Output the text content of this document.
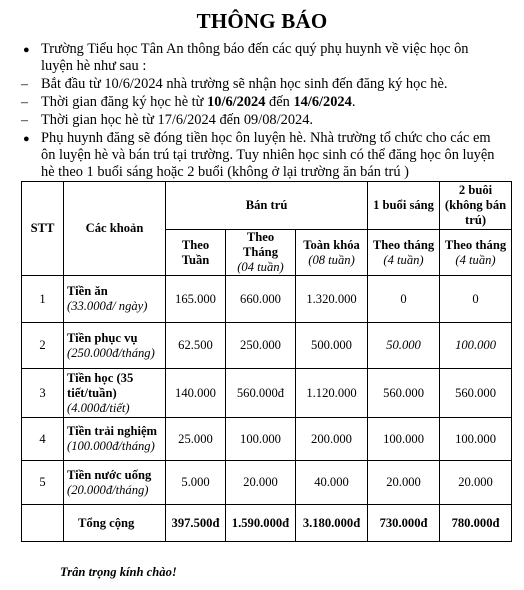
THÔNG BÁO
● Trường Tiểu học Tân An thông báo đến các quý phụ huynh về việc học ôn
luyện hè như sau :
– Bắt đầu từ 10/6/2024 nhà trường sẽ nhận học sinh đến đăng ký học hè.
– Thời gian đăng ký học hè từ 10/6/2024 đến 14/6/2024.
– Thời gian học hè từ 17/6/2024 đến 09/08/2024.
● Phụ huynh đăng sẽ đóng tiền học ôn luyện hè. Nhà trường tổ chức cho các em
ôn luyện hè và bán trú tại trường. Tuy nhiên học sinh có thể đăng học ôn luyện
hè theo 1 buổi sáng hoặc 2 buổi (không ở lại trường ăn bán trú )
STT	Các khoản	Bán trú			1 buổi sáng	2 buôi
(không bán trú)

		Theo Tuần	Theo Tháng
(04 tuần)	Toàn khóa
(08 tuần)	Theo tháng
(4 tuần)	Theo tháng
(4 tuần)

1	Tiền ăn
(33.000đ/ ngày)	165.000	660.000	1.320.000	0	0
2	Tiền phục vụ
(250.000đ/tháng)	62.500	250.000	500.000	50.000	100.000
3	Tiền học (35 tiết/tuần)
(4.000đ/tiết)	140.000	560.000đ	1.120.000	560.000	560.000
4	Tiền trải nghiệm
(100.000đ/tháng)	25.000	100.000	200.000	100.000	100.000
5	Tiền nước uống
(20.000đ/tháng)	5.000	20.000	40.000	20.000	20.000
	Tổng cộng	397.500đ	1.590.000đ	3.180.000đ	730.000đ	780.000đ
Trân trọng kính chào!
